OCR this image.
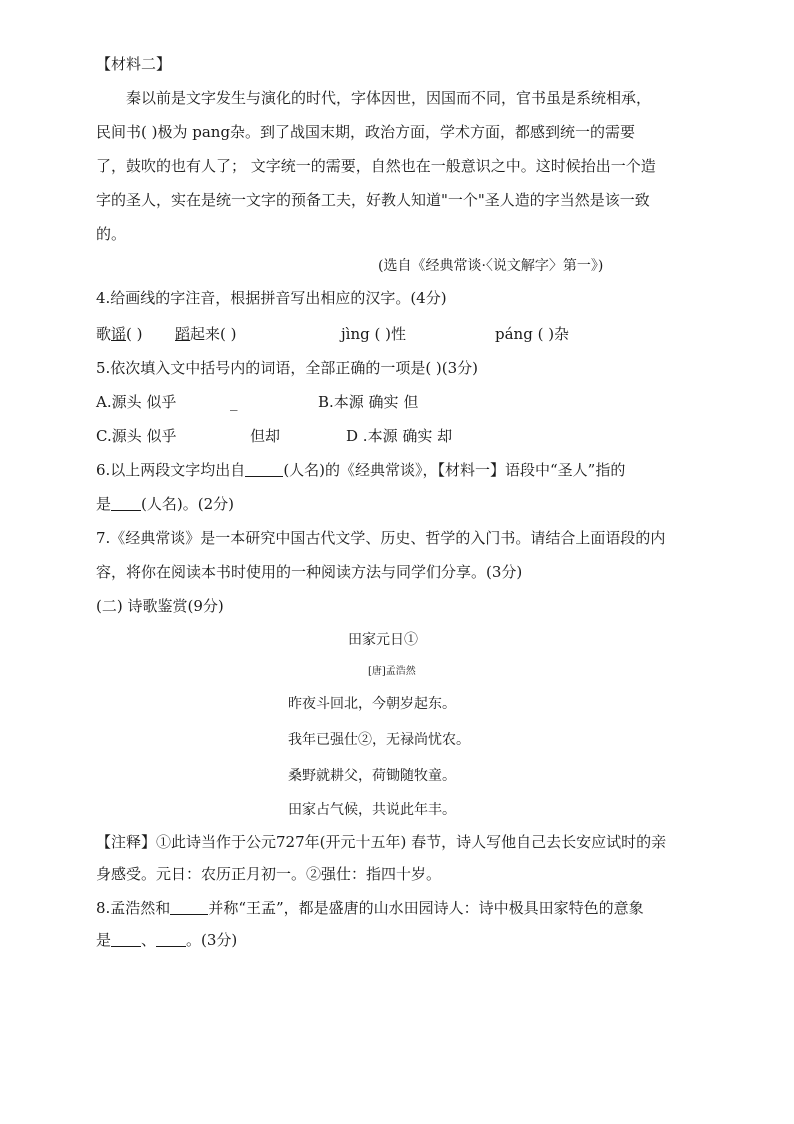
【材料二】
秦以前是文字发生与演化的时代，字体因世，因国而不同，官书虽是系统相承，
民间书( )极为 pang杂。到了战国末期，政治方面，学术方面，都感到统一的需要
了，鼓吹的也有人了； 文字统一的需要，自然也在一般意识之中。这时候抬出一个造
字的圣人，实在是统一文字的预备工夫，好教人知道"一个"圣人造的字当然是该一致
的。
(选自《经典常谈·〈说文解字〉第一》)
4.给画线的字注音，根据拼音写出相应的汉字。(4分)
歌谣( ) 蹈起来( )	jìng ( )性	páng ( )杂
5.依次填入文中括号内的词语，全部正确的一项是( )(3分)
A.源头 似乎	_	B.本源 确实 但
C.源头 似乎	但却	D .本源 确实 却
6.以上两段文字均出自	(人名)的《经典常谈》，【材料一】语段中“圣人”指的
是 (人名)。(2分)
7.《经典常谈》是一本研究中国古代文学、历史、哲学的入门书。请结合上面语段的内
容，将你在阅读本书时使用的一种阅读方法与同学们分享。(3分)
(二) 诗歌鉴赏(9分)
田家元日①
[唐]孟浩然
昨夜斗回北，今朝岁起东。
我年已强仕②，无禄尚忧农。
桑野就耕父，荷锄随牧童。
田家占气候，共说此年丰。
【注释】①此诗当作于公元727年(开元十五年) 春节，诗人写他自己去长安应试时的亲
身感受。元日：农历正月初一。②强仕：指四十岁。
8.孟浩然和	并称“王孟”，都是盛唐的山水田园诗人：诗中极具田家特色的意象
是 、 。(3分)
